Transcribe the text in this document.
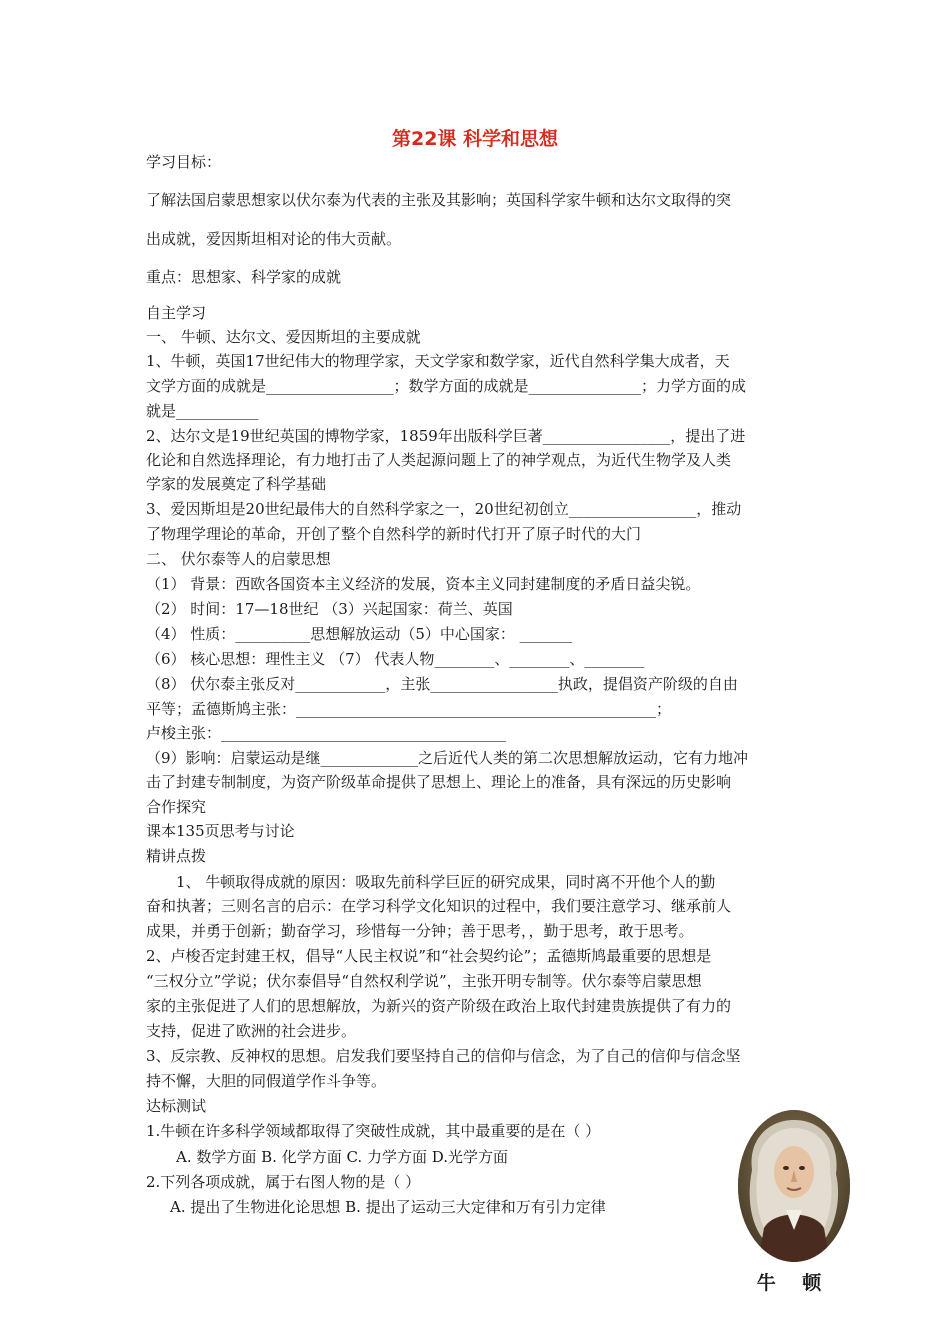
第22课 科学和思想
学习目标：
了解法国启蒙思想家以伏尔泰为代表的主张及其影响；英国科学家牛顿和达尔文取得的突
出成就，爱因斯坦相对论的伟大贡献。
重点：思想家、科学家的成就
自主学习
一、 牛顿、达尔文、爱因斯坦的主要成就
1、牛顿，英国17世纪伟大的物理学家，天文学家和数学家，近代自然科学集大成者，天
文学方面的成就是_________________；数学方面的成就是_______________；力学方面的成
就是___________
2、达尔文是19世纪英国的博物学家，1859年出版科学巨著_________________，提出了进
化论和自然选择理论，有力地打击了人类起源问题上了的神学观点，为近代生物学及人类
学家的发展奠定了科学基础
3、爱因斯坦是20世纪最伟大的自然科学家之一，20世纪初创立_________________，推动
了物理学理论的革命，开创了整个自然科学的新时代打开了原子时代的大门
二、 伏尔泰等人的启蒙思想
（1） 背景：西欧各国资本主义经济的发展，资本主义同封建制度的矛盾日益尖锐。
（2） 时间：17—18世纪 （3）兴起国家：荷兰、英国
（4） 性质：__________思想解放运动（5）中心国家： _______
（6） 核心思想：理性主义 （7） 代表人物________、________、________
（8） 伏尔泰主张反对____________，主张_________________执政，提倡资产阶级的自由
平等；孟德斯鸠主张：________________________________________________；
卢梭主张：______________________________________
（9）影响：启蒙运动是继_____________之后近代人类的第二次思想解放运动，它有力地冲
击了封建专制制度，为资产阶级革命提供了思想上、理论上的准备，具有深远的历史影响
合作探究
课本135页思考与讨论
精讲点拨
1、 牛顿取得成就的原因：吸取先前科学巨匠的研究成果，同时离不开他个人的勤
奋和执著；三则名言的启示：在学习科学文化知识的过程中，我们要注意学习、继承前人
成果，并勇于创新；勤奋学习，珍惜每一分钟；善于思考，，勤于思考，敢于思考。
2、卢梭否定封建王权，倡导“人民主权说”和“社会契约论”；孟德斯鸠最重要的思想是
“三权分立”学说；伏尔泰倡导“自然权利学说”，主张开明专制等。伏尔泰等启蒙思想
家的主张促进了人们的思想解放，为新兴的资产阶级在政治上取代封建贵族提供了有力的
支持，促进了欧洲的社会进步。
3、反宗教、反神权的思想。启发我们要坚持自己的信仰与信念，为了自己的信仰与信念坚
持不懈，大胆的同假道学作斗争等。
达标测试
1.牛顿在许多科学领域都取得了突破性成就，其中最重要的是在（ ）
A. 数学方面 B. 化学方面 C. 力学方面 D.光学方面
2.下列各项成就，属于右图人物的是（ ）
A. 提出了生物进化论思想 B. 提出了运动三大定律和万有引力定律
牛 顿
